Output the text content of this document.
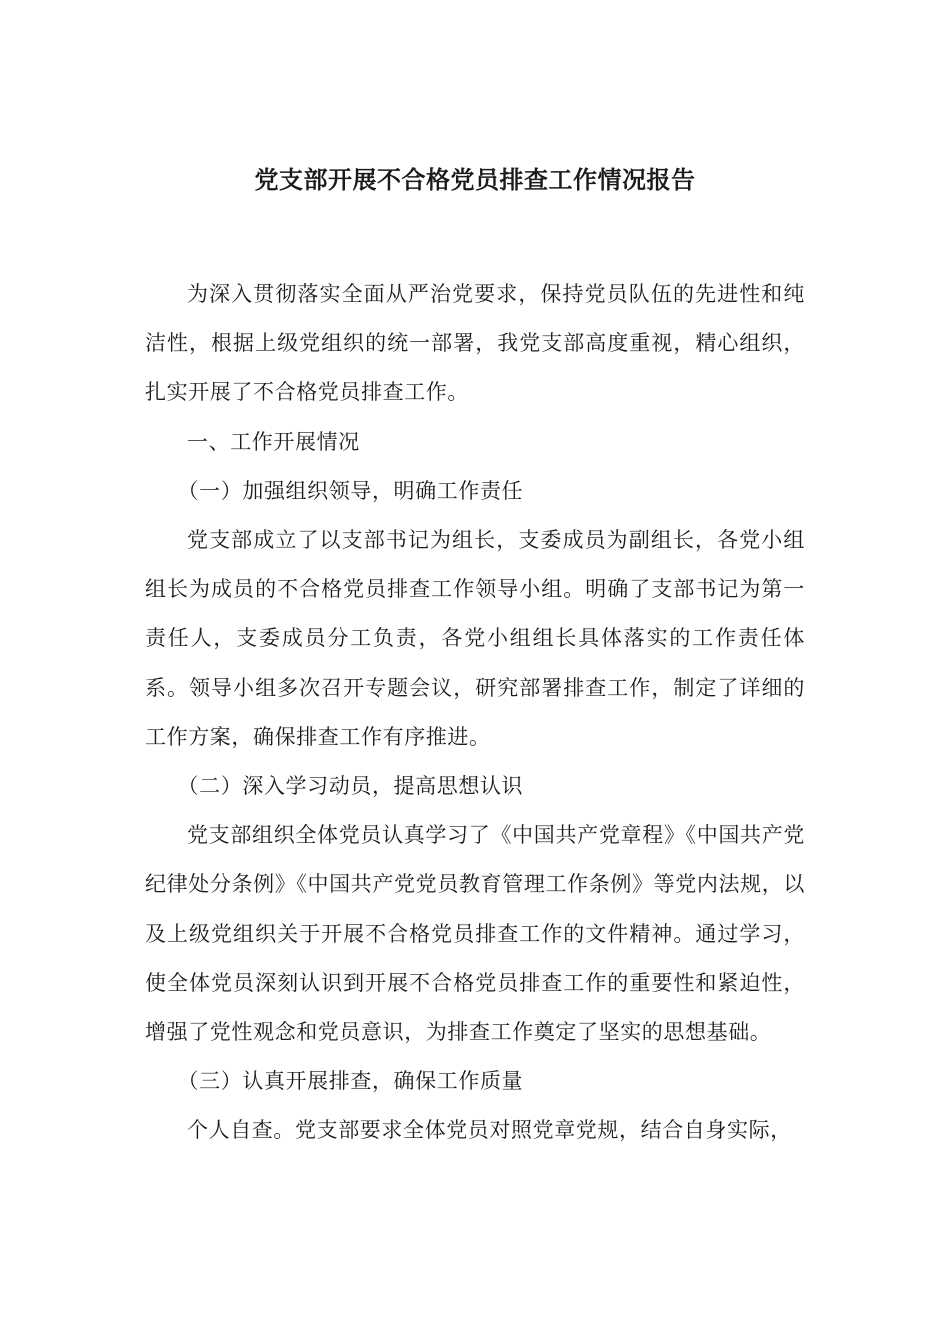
党支部开展不合格党员排查工作情况报告

为深入贯彻落实全面从严治党要求，保持党员队伍的先进性和纯洁性，根据上级党组织的统一部署，我党支部高度重视，精心组织，扎实开展了不合格党员排查工作。

一、工作开展情况

（一）加强组织领导，明确工作责任

党支部成立了以支部书记为组长，支委成员为副组长，各党小组组长为成员的不合格党员排查工作领导小组。明确了支部书记为第一责任人，支委成员分工负责，各党小组组长具体落实的工作责任体系。领导小组多次召开专题会议，研究部署排查工作，制定了详细的工作方案，确保排查工作有序推进。

（二）深入学习动员，提高思想认识

党支部组织全体党员认真学习了《中国共产党章程》《中国共产党纪律处分条例》《中国共产党党员教育管理工作条例》等党内法规，以及上级党组织关于开展不合格党员排查工作的文件精神。通过学习，使全体党员深刻认识到开展不合格党员排查工作的重要性和紧迫性，增强了党性观念和党员意识，为排查工作奠定了坚实的思想基础。

（三）认真开展排查，确保工作质量

个人自查。党支部要求全体党员对照党章党规，结合自身实际，
